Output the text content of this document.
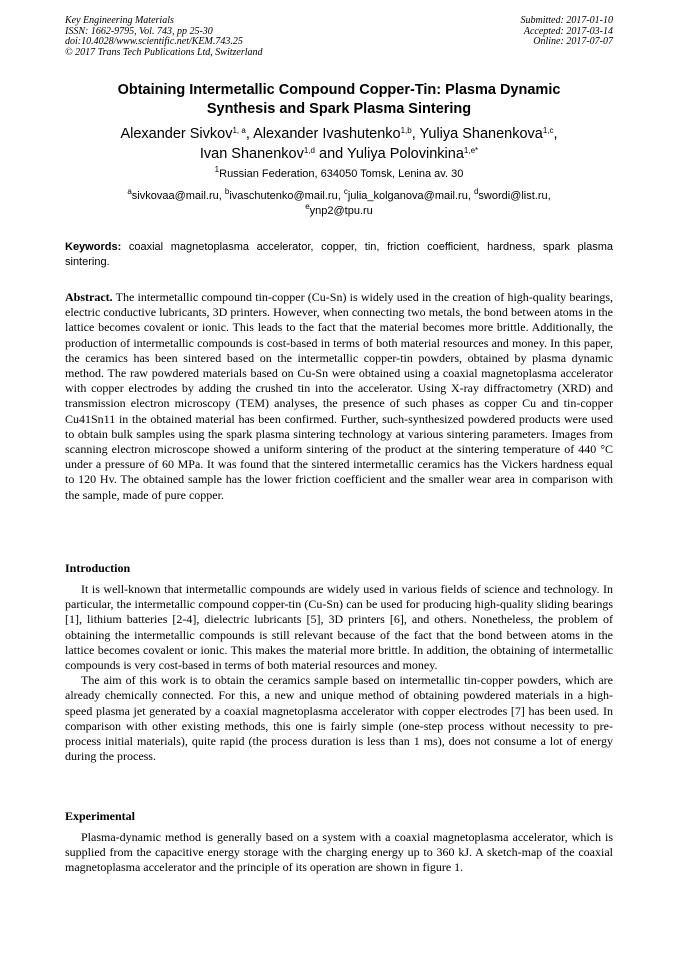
Key Engineering Materials
ISSN: 1662-9795, Vol. 743, pp 25-30
doi:10.4028/www.scientific.net/KEM.743.25
© 2017 Trans Tech Publications Ltd, Switzerland
Submitted: 2017-01-10
Accepted: 2017-03-14
Online: 2017-07-07
Obtaining Intermetallic Compound Copper-Tin: Plasma Dynamic
Synthesis and Spark Plasma Sintering
Alexander Sivkov$^{1, a}$, Alexander Ivashutenko$^{1,b}$, Yuliya Shanenkova$^{1,c}$,
Ivan Shanenkov$^{1,d}$ and Yuliya Polovinkina$^{1,e*}$
$^1$Russian Federation, 634050 Tomsk, Lenina av. 30
$^a$sivkovaa@mail.ru, $^b$ivaschutenko@mail.ru, $^c$julia_kolganova@mail.ru, $^d$swordi@list.ru,
$^e$ynp2@tpu.ru
Keywords: coaxial magnetoplasma accelerator, copper, tin, friction coefficient, hardness, spark plasma sintering.
Abstract. The intermetallic compound tin-copper (Cu-Sn) is widely used in the creation of high-quality bearings, electric conductive lubricants, 3D printers. However, when connecting two metals, the bond between atoms in the lattice becomes covalent or ionic. This leads to the fact that the material becomes more brittle. Additionally, the production of intermetallic compounds is cost-based in terms of both material resources and money. In this paper, the ceramics has been sintered based on the intermetallic copper-tin powders, obtained by plasma dynamic method. The raw powdered materials based on Cu-Sn were obtained using a coaxial magnetoplasma accelerator with copper electrodes by adding the crushed tin into the accelerator. Using X-ray diffractometry (XRD) and transmission electron microscopy (TEM) analyses, the presence of such phases as copper Cu and tin-copper Cu41Sn11 in the obtained material has been confirmed. Further, such-synthesized powdered products were used to obtain bulk samples using the spark plasma sintering technology at various sintering parameters. Images from scanning electron microscope showed a uniform sintering of the product at the sintering temperature of 440 °C under a pressure of 60 MPa. It was found that the sintered intermetallic ceramics has the Vickers hardness equal to 120 Hv. The obtained sample has the lower friction coefficient and the smaller wear area in comparison with the sample, made of pure copper.
Introduction

It is well-known that intermetallic compounds are widely used in various fields of science and technology. In particular, the intermetallic compound copper-tin (Cu-Sn) can be used for producing high-quality sliding bearings [1], lithium batteries [2-4], dielectric lubricants [5], 3D printers [6], and others. Nonetheless, the problem of obtaining the intermetallic compounds is still relevant because of the fact that the bond between atoms in the lattice becomes covalent or ionic. This makes the material more brittle. In addition, the obtaining of intermetallic compounds is very cost-based in terms of both material resources and money.

The aim of this work is to obtain the ceramics sample based on intermetallic tin-copper powders, which are already chemically connected. For this, a new and unique method of obtaining powdered materials in a high-speed plasma jet generated by a coaxial magnetoplasma accelerator with copper electrodes [7] has been used. In comparison with other existing methods, this one is fairly simple (one-step process without necessity to pre-process initial materials), quite rapid (the process duration is less than 1 ms), does not consume a lot of energy during the process.

Experimental

Plasma-dynamic method is generally based on a system with a coaxial magnetoplasma accelerator, which is supplied from the capacitive energy storage with the charging energy up to 360 kJ. A sketch-map of the coaxial magnetoplasma accelerator and the principle of its operation are shown in figure 1.
